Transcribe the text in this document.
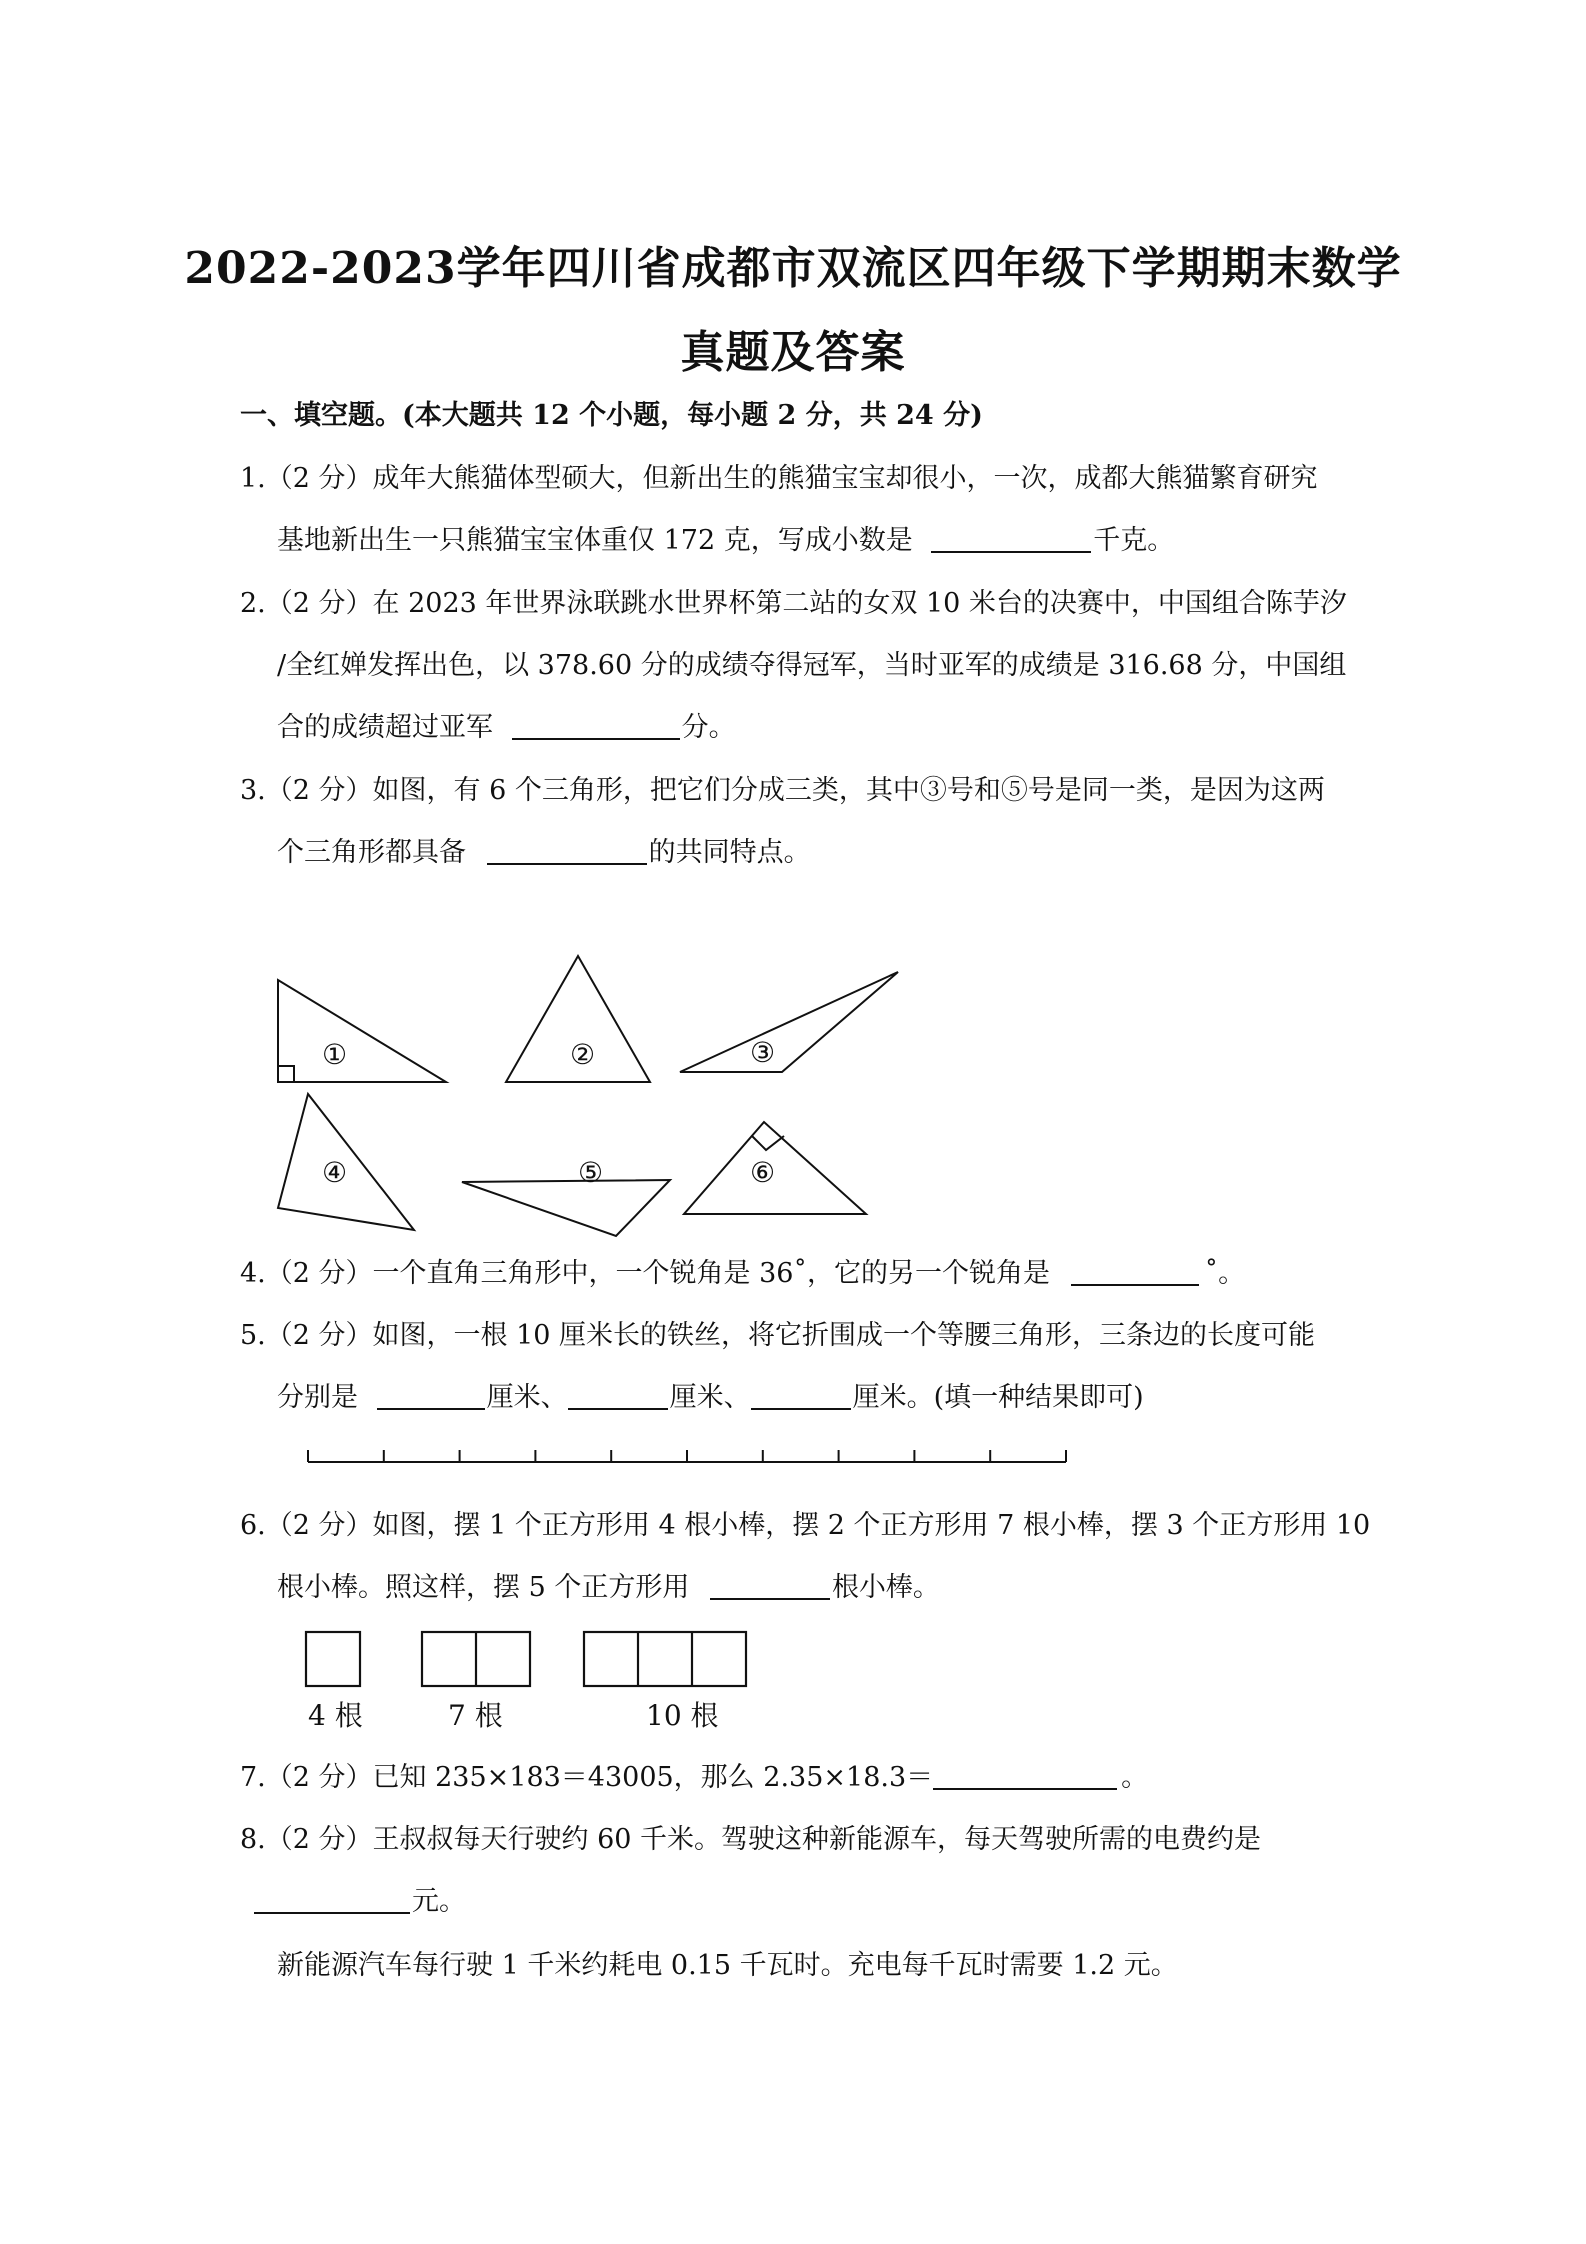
2022-2023学年四川省成都市双流区四年级下学期期末数学
真题及答案
一、填空题。(本大题共 12 个小题，每小题 2 分，共 24 分)
1.（2 分）成年大熊猫体型硕大，但新出生的熊猫宝宝却很小，一次，成都大熊猫繁育研究
基地新出生一只熊猫宝宝体重仅 172 克，写成小数是	千克。
2.（2 分）在 2023 年世界泳联跳水世界杯第二站的女双 10 米台的决赛中，中国组合陈芋汐
/全红婵发挥出色，以 378.60 分的成绩夺得冠军，当时亚军的成绩是 316.68 分，中国组
合的成绩超过亚军	分。
3.（2 分）如图，有 6 个三角形，把它们分成三类，其中③号和⑤号是同一类，是因为这两
个三角形都具备	的共同特点。
①	②	③
④	⑤	⑥
4.（2 分）一个直角三角形中，一个锐角是 36˚，它的另一个锐角是	˚。
5.（2 分）如图，一根 10 厘米长的铁丝，将它折围成一个等腰三角形，三条边的长度可能
分别是	厘米、	厘米、	厘米。(填一种结果即可)
6.（2 分）如图，摆 1 个正方形用 4 根小棒，摆 2 个正方形用 7 根小棒，摆 3 个正方形用 10
根小棒。照这样，摆 5 个正方形用	根小棒。
4 根	7 根	10 根
7.（2 分）已知 235×183＝43005，那么 2.35×18.3＝	。
8.（2 分）王叔叔每天行驶约 60 千米。驾驶这种新能源车，每天驾驶所需的电费约是
元。
新能源汽车每行驶 1 千米约耗电 0.15 千瓦时。充电每千瓦时需要 1.2 元。
